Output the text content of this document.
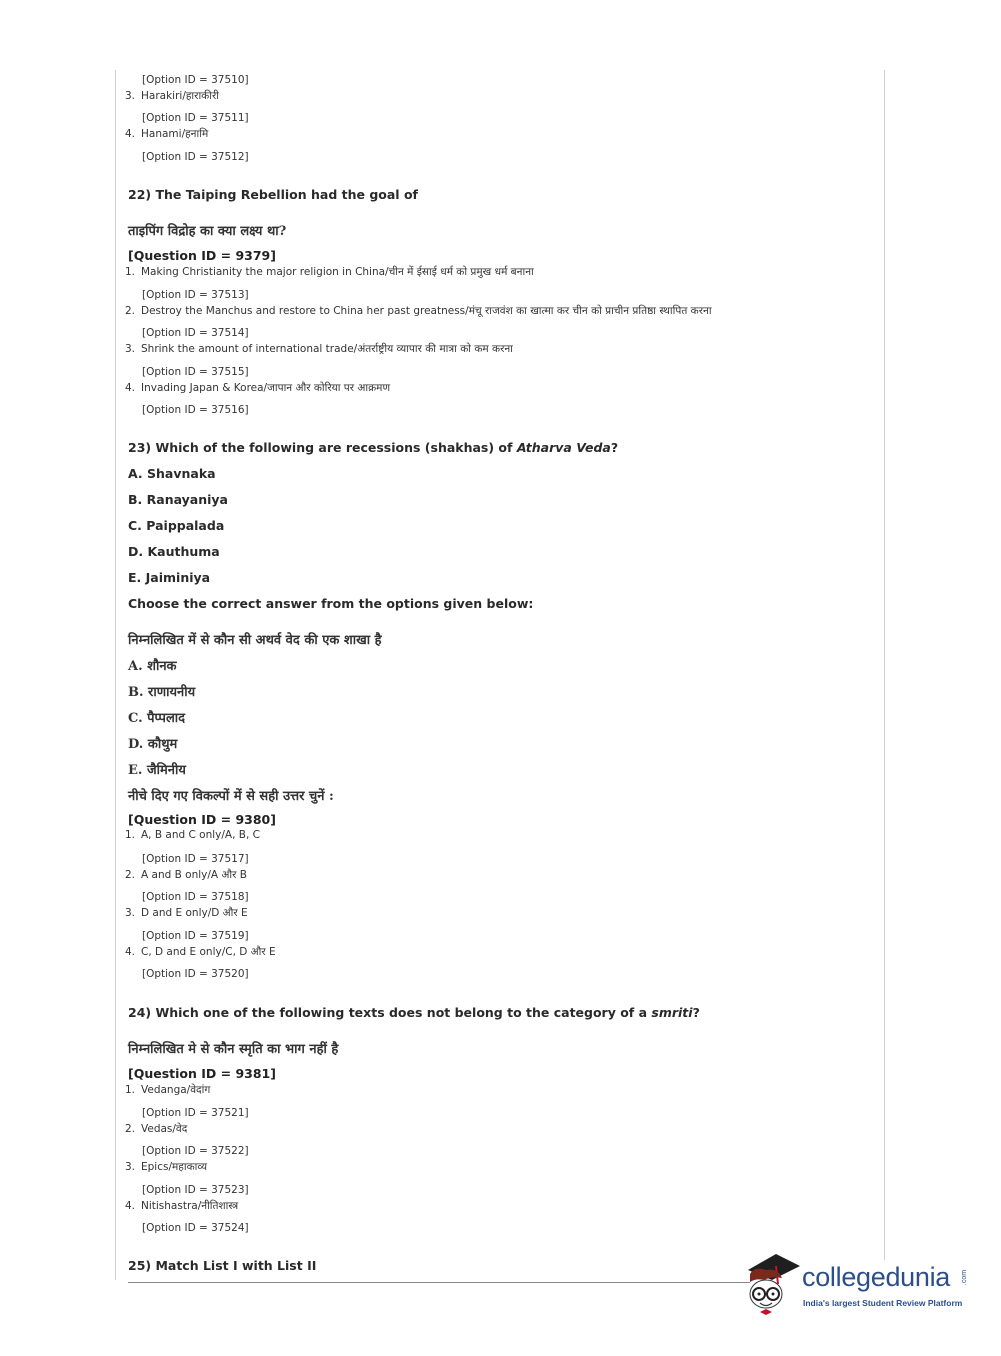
[Option ID = 37510]
3. Harakiri/हाराकीरी
[Option ID = 37511]
4. Hanami/हनामि
[Option ID = 37512]
22) The Taiping Rebellion had the goal of
ताइपिंग विद्रोह का क्या लक्ष्य था?
[Question ID = 9379]
1. Making Christianity the major religion in China/चीन में ईसाई धर्म को प्रमुख धर्म बनाना
[Option ID = 37513]
2. Destroy the Manchus and restore to China her past greatness/मंचू राजवंश का खात्मा कर चीन को प्राचीन प्रतिष्ठा स्थापित करना
[Option ID = 37514]
3. Shrink the amount of international trade/अंतर्राष्ट्रीय व्यापार की मात्रा को कम करना
[Option ID = 37515]
4. Invading Japan & Korea/जापान और कोरिया पर आक्रमण
[Option ID = 37516]
23) Which of the following are recessions (shakhas) of Atharva Veda?
A. Shavnaka
B. Ranayaniya
C. Paippalada
D. Kauthuma
E. Jaiminiya
Choose the correct answer from the options given below:
निम्नलिखित में से कौन सी अथर्व वेद की एक शाखा है
A. शौनक
B. राणायनीय
C. पैप्पलाद
D. कौथुम
E. जैमिनीय
नीचे दिए गए विकल्पों में से सही उत्तर चुनें :
[Question ID = 9380]
1. A, B and C only/A, B, C
[Option ID = 37517]
2. A and B only/A और B
[Option ID = 37518]
3. D and E only/D और E
[Option ID = 37519]
4. C, D and E only/C, D और E
[Option ID = 37520]
24) Which one of the following texts does not belong to the category of a smriti?
निम्नलिखित मे से कौन स्मृति का भाग नहीं है
[Question ID = 9381]
1. Vedanga/वेदांग
[Option ID = 37521]
2. Vedas/वेद
[Option ID = 37522]
3. Epics/महाकाव्य
[Option ID = 37523]
4. Nitishastra/नीतिशास्त्र
[Option ID = 37524]
25) Match List I with List II	collegedunia .com
India's largest Student Review Platform
